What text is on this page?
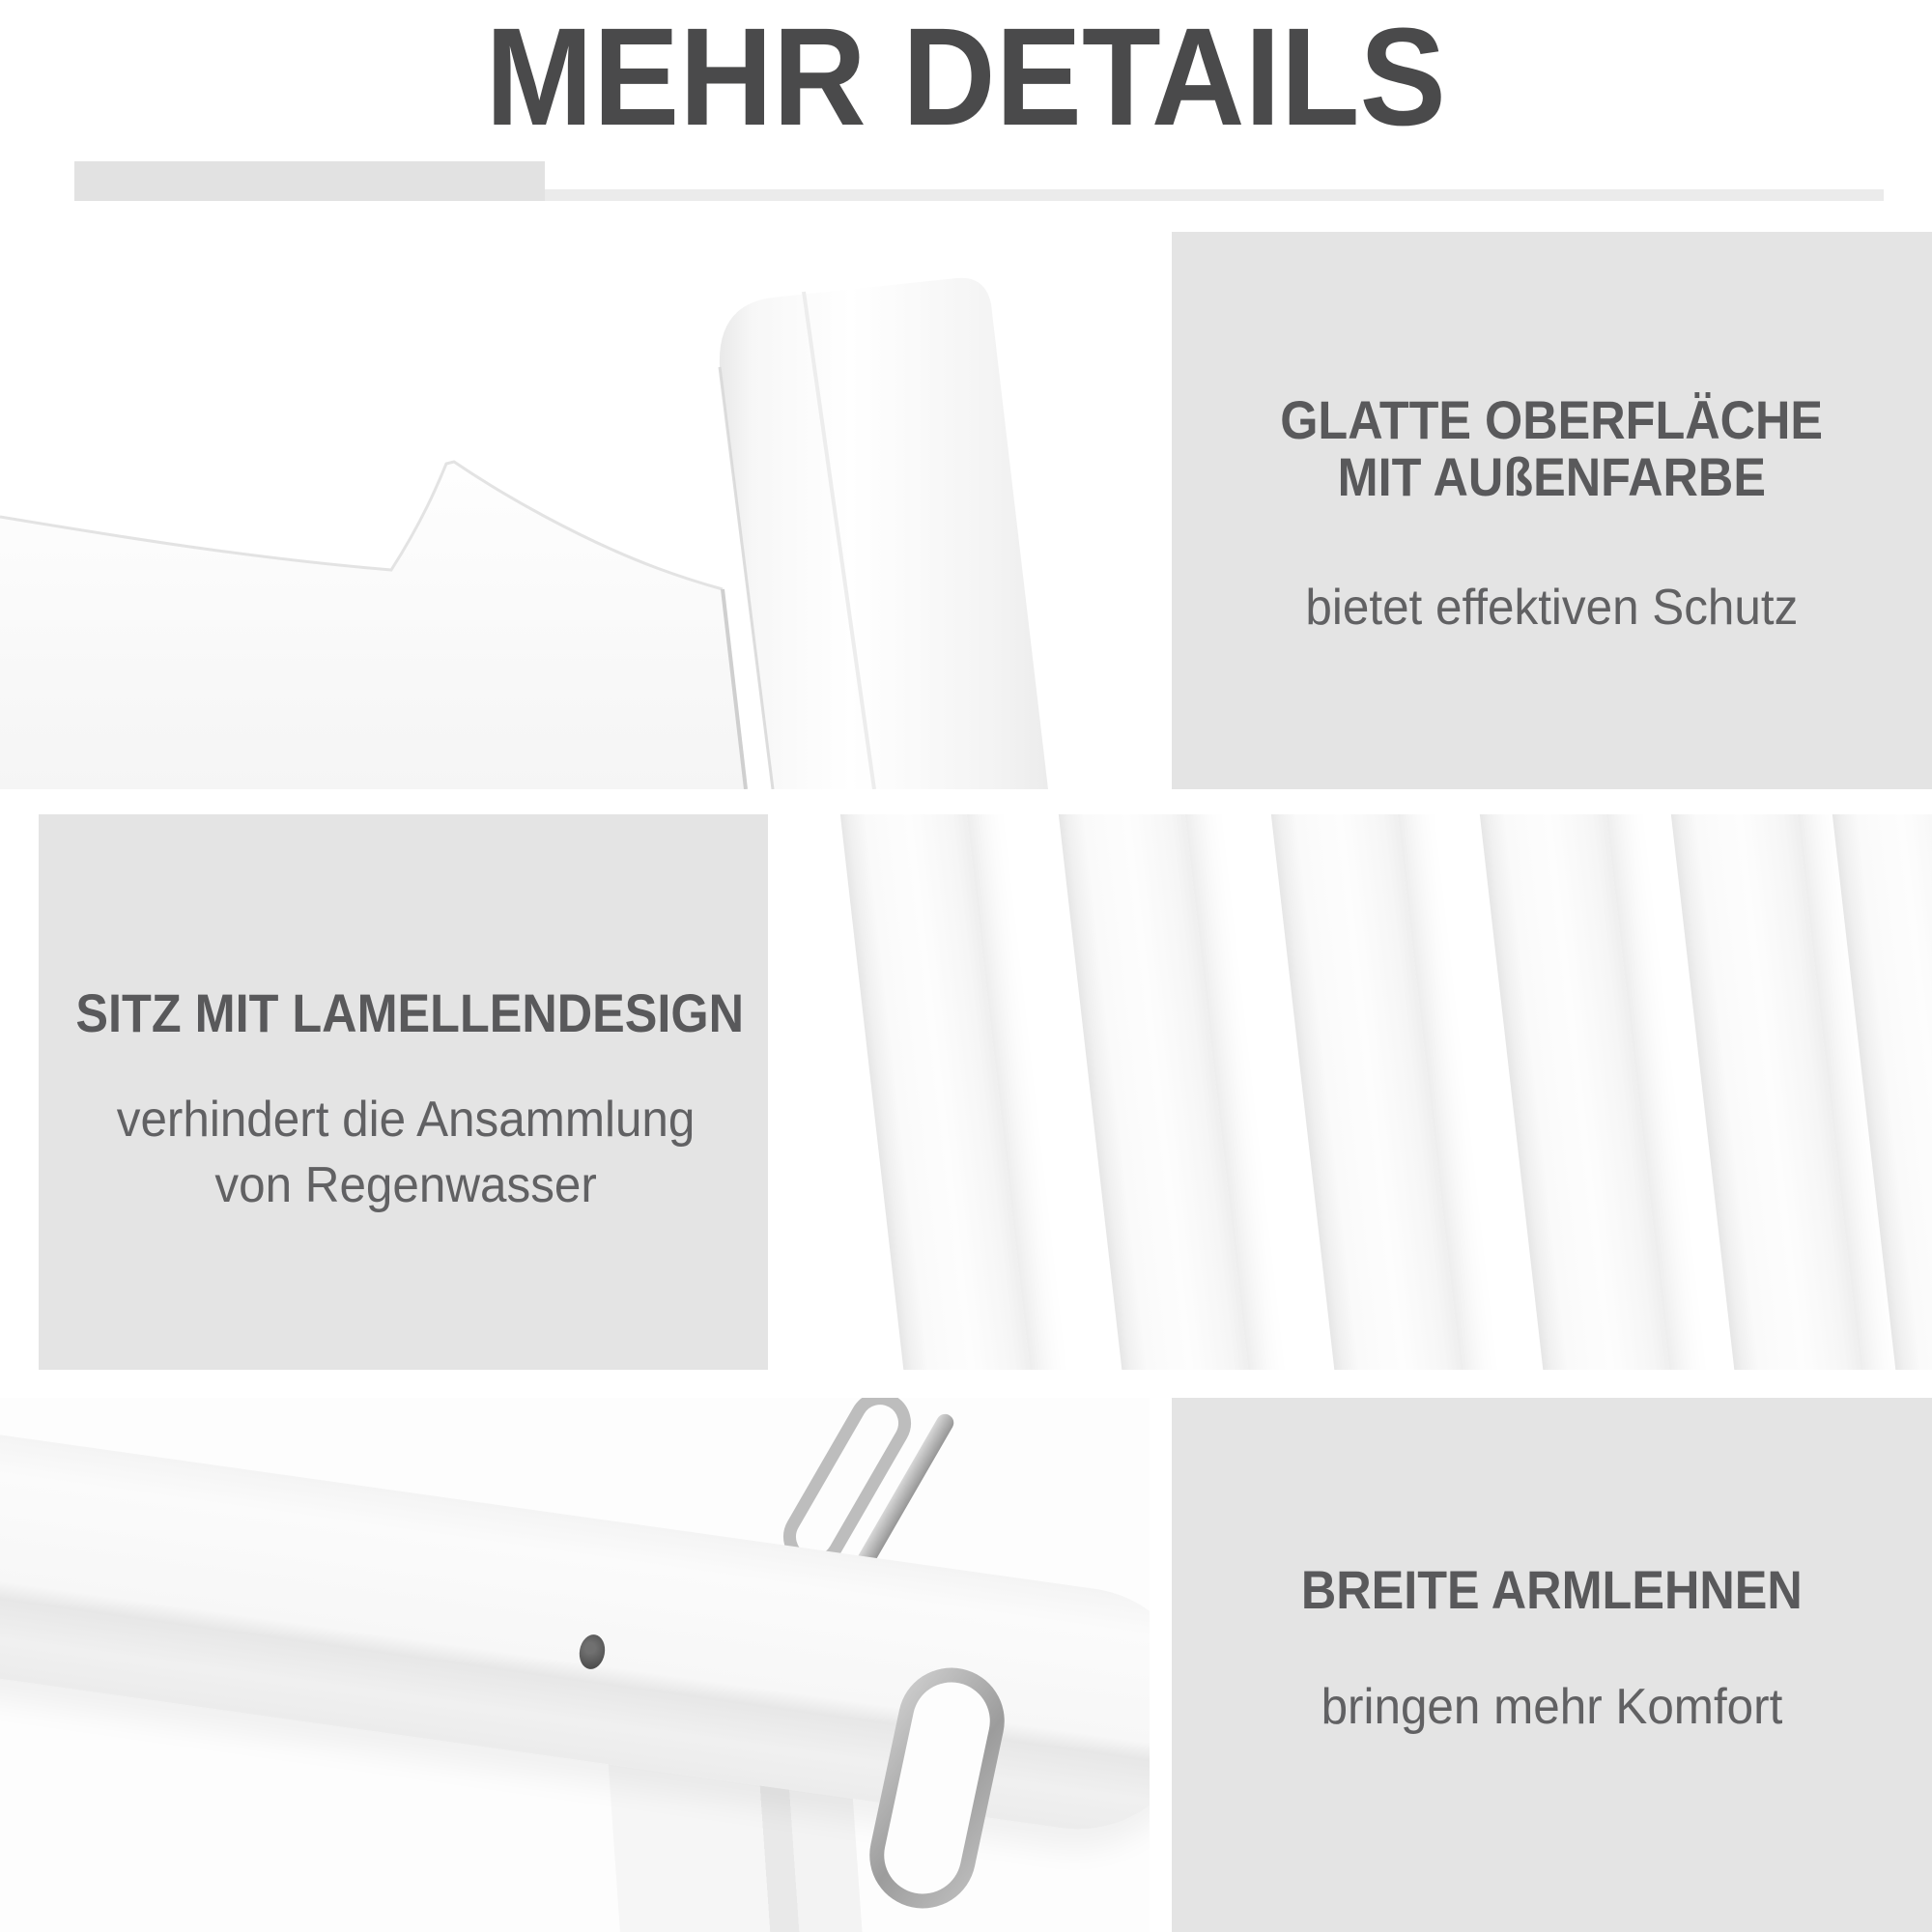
MEHR DETAILS
GLATTE OBERFLÄCHE
MIT AUßENFARBE

bietet effektiven Schutz

SITZ MIT LAMELLENDESIGN

verhindert die Ansammlung
von Regenwasser

BREITE ARMLEHNEN

bringen mehr Komfort
